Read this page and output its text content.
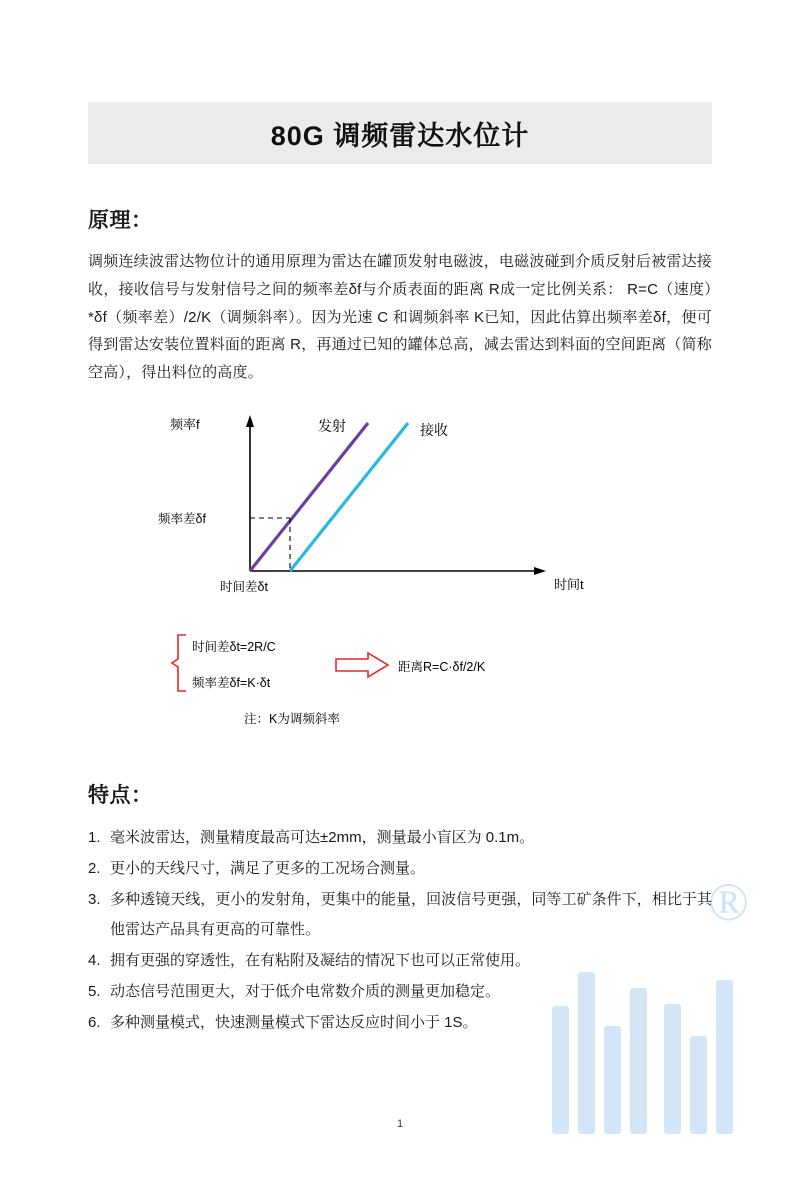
®
80G 调频雷达水位计
原理：
调频连续波雷达物位计的通用原理为雷达在罐顶发射电磁波，电磁波碰到介质反射后被雷达接收，接收信号与发射信号之间的频率差δf与介质表面的距离 R成一定比例关系： R=C（速度）*δf（频率差）/2/K（调频斜率）。因为光速 C 和调频斜率 K已知，因此估算出频率差δf，便可得到雷达安装位置料面的距离 R，再通过已知的罐体总高，减去雷达到料面的空间距离（简称空高），得出料位的高度。
频率f
时间t
发射	接收
频率差δf
时间差δt
时间差δt=2R/C
频率差δf=K·δt
距离R=C·δf/2/K
注：K为调频斜率
特点：
1. 毫米波雷达，测量精度最高可达±2mm，测量最小盲区为 0.1m。
2. 更小的天线尺寸，满足了更多的工况场合测量。
3. 多种透镜天线，更小的发射角，更集中的能量，回波信号更强，同等工矿条件下，相比于其他雷达产品具有更高的可靠性。
4. 拥有更强的穿透性，在有粘附及凝结的情况下也可以正常使用。
5. 动态信号范围更大，对于低介电常数介质的测量更加稳定。
6. 多种测量模式，快速测量模式下雷达反应时间小于 1S。
1
